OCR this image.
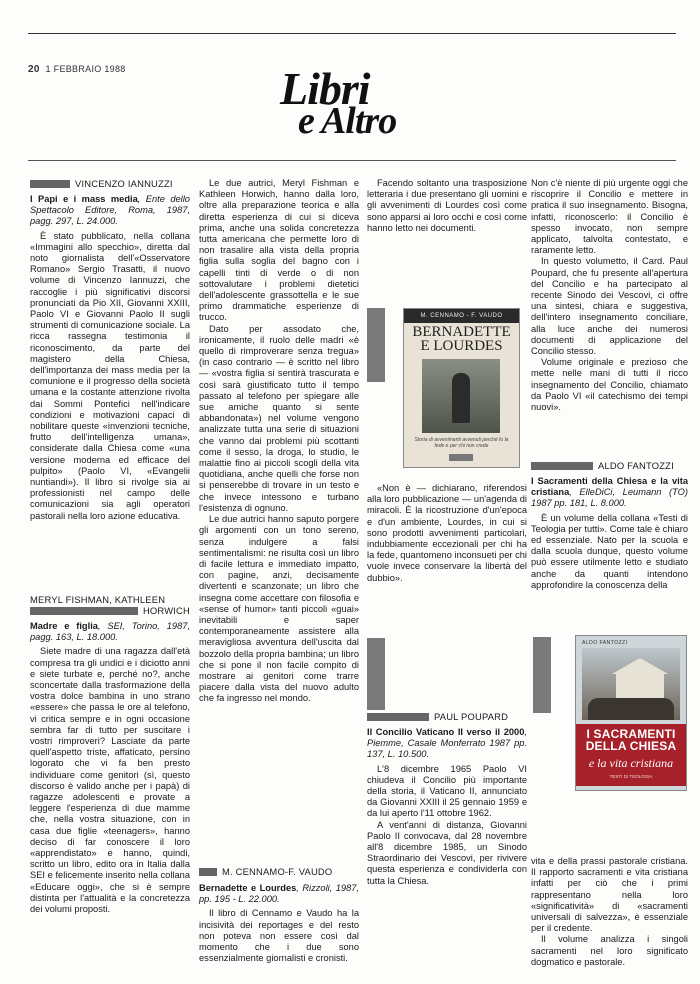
20 1 FEBBRAIO 1988	Libri
e Altro
VINCENZO IANNUZZI

I Papi e i mass media, Ente dello Spettacolo Editore, Roma, 1987, pagg. 297, L. 24.000.

È stato pubblicato, nella collana «Immagini allo specchio», diretta dal noto giornalista dell'«Osservatore Romano» Sergio Trasatti, il nuovo volume di Vincenzo Iannuzzi, che raccoglie i più significativi discorsi pronunciati da Pio XII, Giovanni XXIII, Paolo VI e Giovanni Paolo II sugli strumenti di comunicazione sociale. La ricca rassegna testimonia il riconoscimento, da parte del magistero della Chiesa, dell'importanza dei mass media per la comunione e il progresso della società umana e la costante attenzione rivolta dai Sommi Pontefici nell'indicare condizioni e motivazioni capaci di nobilitare queste «invenzioni tecniche, frutto dell'intelligenza umana», considerate dalla Chiesa come «una versione moderna ed efficace del pulpito» (Paolo VI, «Evangelii nuntiandi»). Il libro si rivolge sia ai professionisti nel campo delle comunicazioni sia agli operatori pastorali nella loro azione educativa.

MERYL FISHMAN, KATHLEEN
HORWICH

Madre e figlia, SEI, Torino, 1987, pagg. 163, L. 18.000.

Siete madre di una ragazza dall'età compresa tra gli undici e i diciotto anni e siete turbate e, perché no?, anche sconcertate dalla trasformazione della vostra dolce bambina in uno strano «essere» che passa le ore al telefono, vi critica sempre e in ogni occasione sembra far di tutto per suscitare i vostri rimproveri? Lasciate da parte quell'aspetto triste, affaticato, persino logorato che vi fa ben presto individuare come genitori (sì, questo discorso è valido anche per i papà) di ragazze adolescenti e provate a leggere l'esperienza di due mamme che, nella vostra situazione, con in casa due figlie «teenagers», hanno deciso di far conoscere il loro «apprendistato» e hanno, quindi, scritto un libro, edito ora in Italia dalla SEI e felicemente inserito nella collana «Educare oggi», che si è sempre distinta per l'attualità e la concretezza dei volumi proposti.

Le due autrici, Meryl Fishman e Kathleen Horwich, hanno dalla loro, oltre alla preparazione teorica e alla diretta esperienza di cui si diceva prima, anche una solida concretezza tutta americana che permette loro di non trasalire alla vista della propria figlia sulla soglia del bagno con i capelli tinti di verde o di non sottovalutare i problemi dietetici dell'adolescente grassottella e le sue primo drammatiche esperienze di trucco.

Dato per assodato che, ironicamente, il ruolo delle madri «è quello di rimproverare senza tregua» (in caso contrario — è scritto nel libro — «vostra figlia si sentirà trascurata e così sarà giustificato tutto il tempo passato al telefono per spiegare alle sue amiche quanto si sente abbandonata») nel volume vengono analizzate tutta una serie di situazioni che vanno dai problemi più scottanti come il sesso, la droga, lo studio, le malattie fino ai piccoli scogli della vita quotidiana, anche quelli che forse non si penserebbe di trovare in un testo e che invece intessono e turbano l'esistenza di ognuno.

Le due autrici hanno saputo porgere gli argomenti con un tono sereno, senza indulgere a falsi sentimentalismi: ne risulta così un libro di facile lettura e immediato impatto, con pagine, anzi, decisamente divertenti e scanzonate; un libro che insegna come accettare con filosofia e «sense of humor» tanti piccoli «guai» inevitabili e saper contemporaneamente assistere alla meravigliosa avventura dell'uscita dal bozzolo della propria bambina; un libro che si pone il non facile compito di mostrare ai genitori come trarre piacere dalla vista del nuovo adulto che fa ingresso nel mondo.

M. CENNAMO-F. VAUDO

Bernadette e Lourdes, Rizzoli, 1987, pp. 195 - L. 22.000.

Il libro di Cennamo e Vaudo ha la incisività dei reportages e del resto non poteva non essere così dal momento che i due sono essenzialmente giornalisti e cronisti.

Facendo soltanto una trasposizione letteraria i due presentano gli uomini e gli avvenimenti di Lourdes così come sono apparsi ai loro occhi e così come hanno letto nei documenti.

M. CENNAMO - F. VAUDO
BERNADETTE E LOURDES
Storia di avvenimenti avvenuti perché fu la fede e per chi non crede

«Non è — dichiarano, riferendosi alla loro pubblicazione — un'agenda di miracoli. È la ricostruzione d'un'epoca e d'un ambiente, Lourdes, in cui si sono prodotti avvenimenti particolari, indubbiamente eccezionali per chi ha la fede, quantomeno inconsueti per chi vuole invece conservare la libertà del dubbio».

PAUL POUPARD

Il Concilio Vaticano II verso il 2000, Piemme, Casale Monferrato 1987 pp. 137, L. 10.500.

L'8 dicembre 1965 Paolo VI chiudeva il Concilio più importante della storia, il Vaticano II, annunciato da Giovanni XXIII il 25 gennaio 1959 e da lui aperto l'11 ottobre 1962.

A vent'anni di distanza, Giovanni Paolo II convocava, dal 28 novembre all'8 dicembre 1985, un Sinodo Straordinario dei Vescovi, per rivivere questa esperienza e condividerla con tutta la Chiesa.

Non c'è niente di più urgente oggi che riscoprire il Concilio e mettere in pratica il suo insegnamento. Bisogna, infatti, riconoscerlo: il Concilio è spesso invocato, non sempre applicato, talvolta contestato, e raramente letto.

In questo volumetto, il Card. Paul Poupard, che fu presente all'apertura del Concilio e ha partecipato al recente Sinodo dei Vescovi, ci offre una sintesi, chiara e suggestiva, dell'intero insegnamento conciliare, alla luce anche dei numerosi documenti di applicazione del Concilio stesso.

Volume originale e prezioso che mette nelle mani di tutti il ricco insegnamento del Concilio, chiamato da Paolo VI «il catechismo dei tempi nuovi».

ALDO FANTOZZI

I Sacramenti della Chiesa e la vita cristiana, ElleDiCi, Leumann (TO) 1987 pp. 181, L. 8.000.

È un volume della collana «Testi di Teologia per tutti». Come tale è chiaro ed essenziale. Nato per la scuola e dalla scuola dunque, questo volume può essere utilmente letto e studiato anche da quanti intendono approfondire la conoscenza della

ALDO FANTOZZI
I SACRAMENTI DELLA CHIESA
e la vita cristiana
TESTI DI TEOLOGIA

vita e della prassi pastorale cristiana. Il rapporto sacramenti e vita cristiana infatti per ciò che i primi rappresentano nella loro «significatività» di «sacramenti universali di salvezza», è essenziale per il credente.

Il volume analizza i singoli sacramenti nel loro significato dogmatico e pastorale.
